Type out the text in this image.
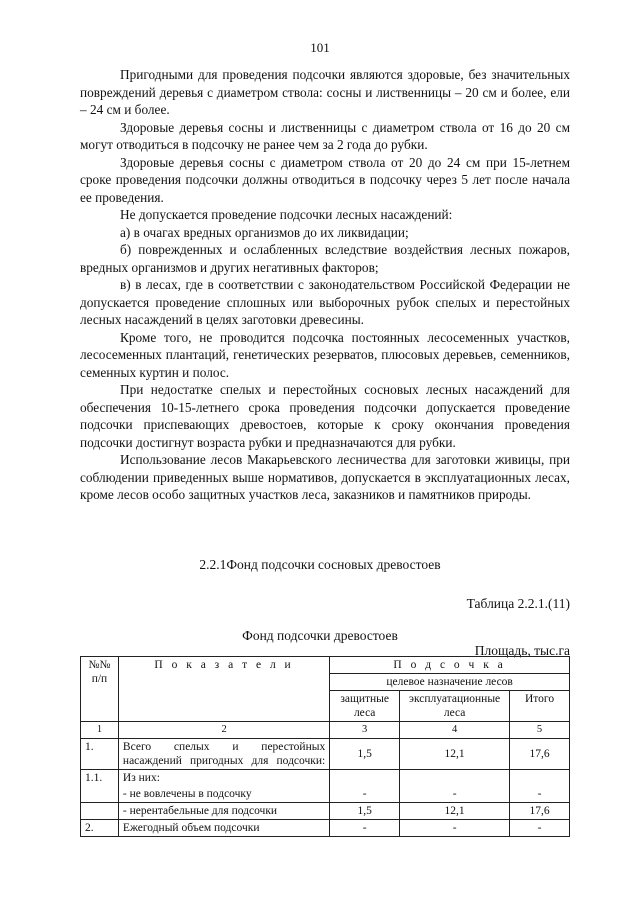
101

Пригодными для проведения подсочки являются здоровые, без значительных повреждений деревья с диаметром ствола: сосны и лиственницы – 20 см и более, ели – 24 см и более.

Здоровые деревья сосны и лиственницы с диаметром ствола от 16 до 20 см могут отводиться в подсочку не ранее чем за 2 года до рубки.

Здоровые деревья сосны с диаметром ствола от 20 до 24 см при 15-летнем сроке проведения подсочки должны отводиться в подсочку через 5 лет после начала ее проведения.

Не допускается проведение подсочки лесных насаждений:

а) в очагах вредных организмов до их ликвидации;

б) поврежденных и ослабленных вследствие воздействия лесных пожаров, вредных организмов и других негативных факторов;

в) в лесах, где в соответствии с законодательством Российской Федерации не допускается проведение сплошных или выборочных рубок спелых и перестойных лесных насаждений в целях заготовки древесины.

Кроме того, не проводится подсочка постоянных лесосеменных участков, лесосеменных плантаций, генетических резерватов, плюсовых деревьев, семенников, семенных куртин и полос.

При недостатке спелых и перестойных сосновых лесных насаждений для обеспечения 10-15-летнего срока проведения подсочки допускается проведение подсочки приспевающих древостоев, которые к сроку окончания проведения подсочки достигнут возраста рубки и предназначаются для рубки.

Использование лесов Макарьевского лесничества для заготовки живицы, при соблюдении приведенных выше нормативов, допускается в эксплуатационных лесах, кроме лесов особо защитных участков леса, заказников и памятников природы.

2.2.1Фонд подсочки сосновых древостоев
Таблица 2.2.1.(11)
Фонд подсочки древостоев
Площадь, тыс.га
№№ п/п	П о к а з а т е л и	П о д с о ч к а		
		целевое назначение лесов		
		защитные леса	эксплуатационные леса	Итого
1	2	3	4	5
1.	Всего спелых и перестойных насаждений пригодных для подсочки:	1,5	12,1	17,6
1.1.	Из них:			
	- не вовлечены в подсочку	-	-	-
	- нерентабельные для подсочки	1,5	12,1	17,6
2.	Ежегодный объем подсочки	-	-	-
